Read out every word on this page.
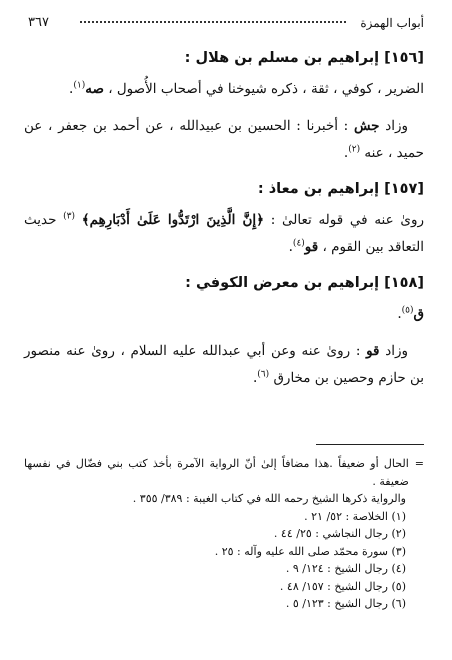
أبواب الهمزة
٣٦٧

[١٥٦] إبراهيم بن مسلم بن هلال :

الضرير ، كوفي ، ثقة ، ذكره شيوخنا في أصحاب الأُصول ، صه$^{(١)}$.

وزاد جش : أخبرنا : الحسين بن عبيدالله ، عن أحمد بن جعفر ، عن حميد ، عنه $^{(٢)}$.

[١٥٧] إبراهيم بن معاذ :

روىٰ عنه في قوله تعالىٰ : ﴿إِنَّ الَّذِينَ ارْتَدُّوا عَلَىٰ أَدْبَارِهِم﴾ $^{(٣)}$ حديث التعاقد بين القوم ، قو$^{(٤)}$.

[١٥٨] إبراهيم بن معرض الكوفي :

ق$^{(٥)}$.

وزاد قو : روىٰ عنه وعن أبي عبدالله عليه السلام ، روىٰ عنه منصور بن حازم وحصين بن مخارق $^{(٦)}$.

=
الحال أو ضعيفاً .هذا مضافاً إلىٰ أنّ الرواية الآمرة بأخذ كتب بني فضّال في نفسها ضعيفة .

والرواية ذكرها الشيخ رحمه الله في كتاب الغيبة : ٣٨٩/ ٣٥٥ .

(١) الخلاصة : ٥٢/ ٢١ .

(٢) رجال النجاشي : ٢٥/ ٤٤ .

(٣) سورة محمّد صلى الله عليه وآله : ٢٥ .

(٤) رجال الشيخ : ١٢٤/ ٩ .

(٥) رجال الشيخ : ١٥٧/ ٤٨ .

(٦) رجال الشيخ : ١٢٣/ ٥ .
